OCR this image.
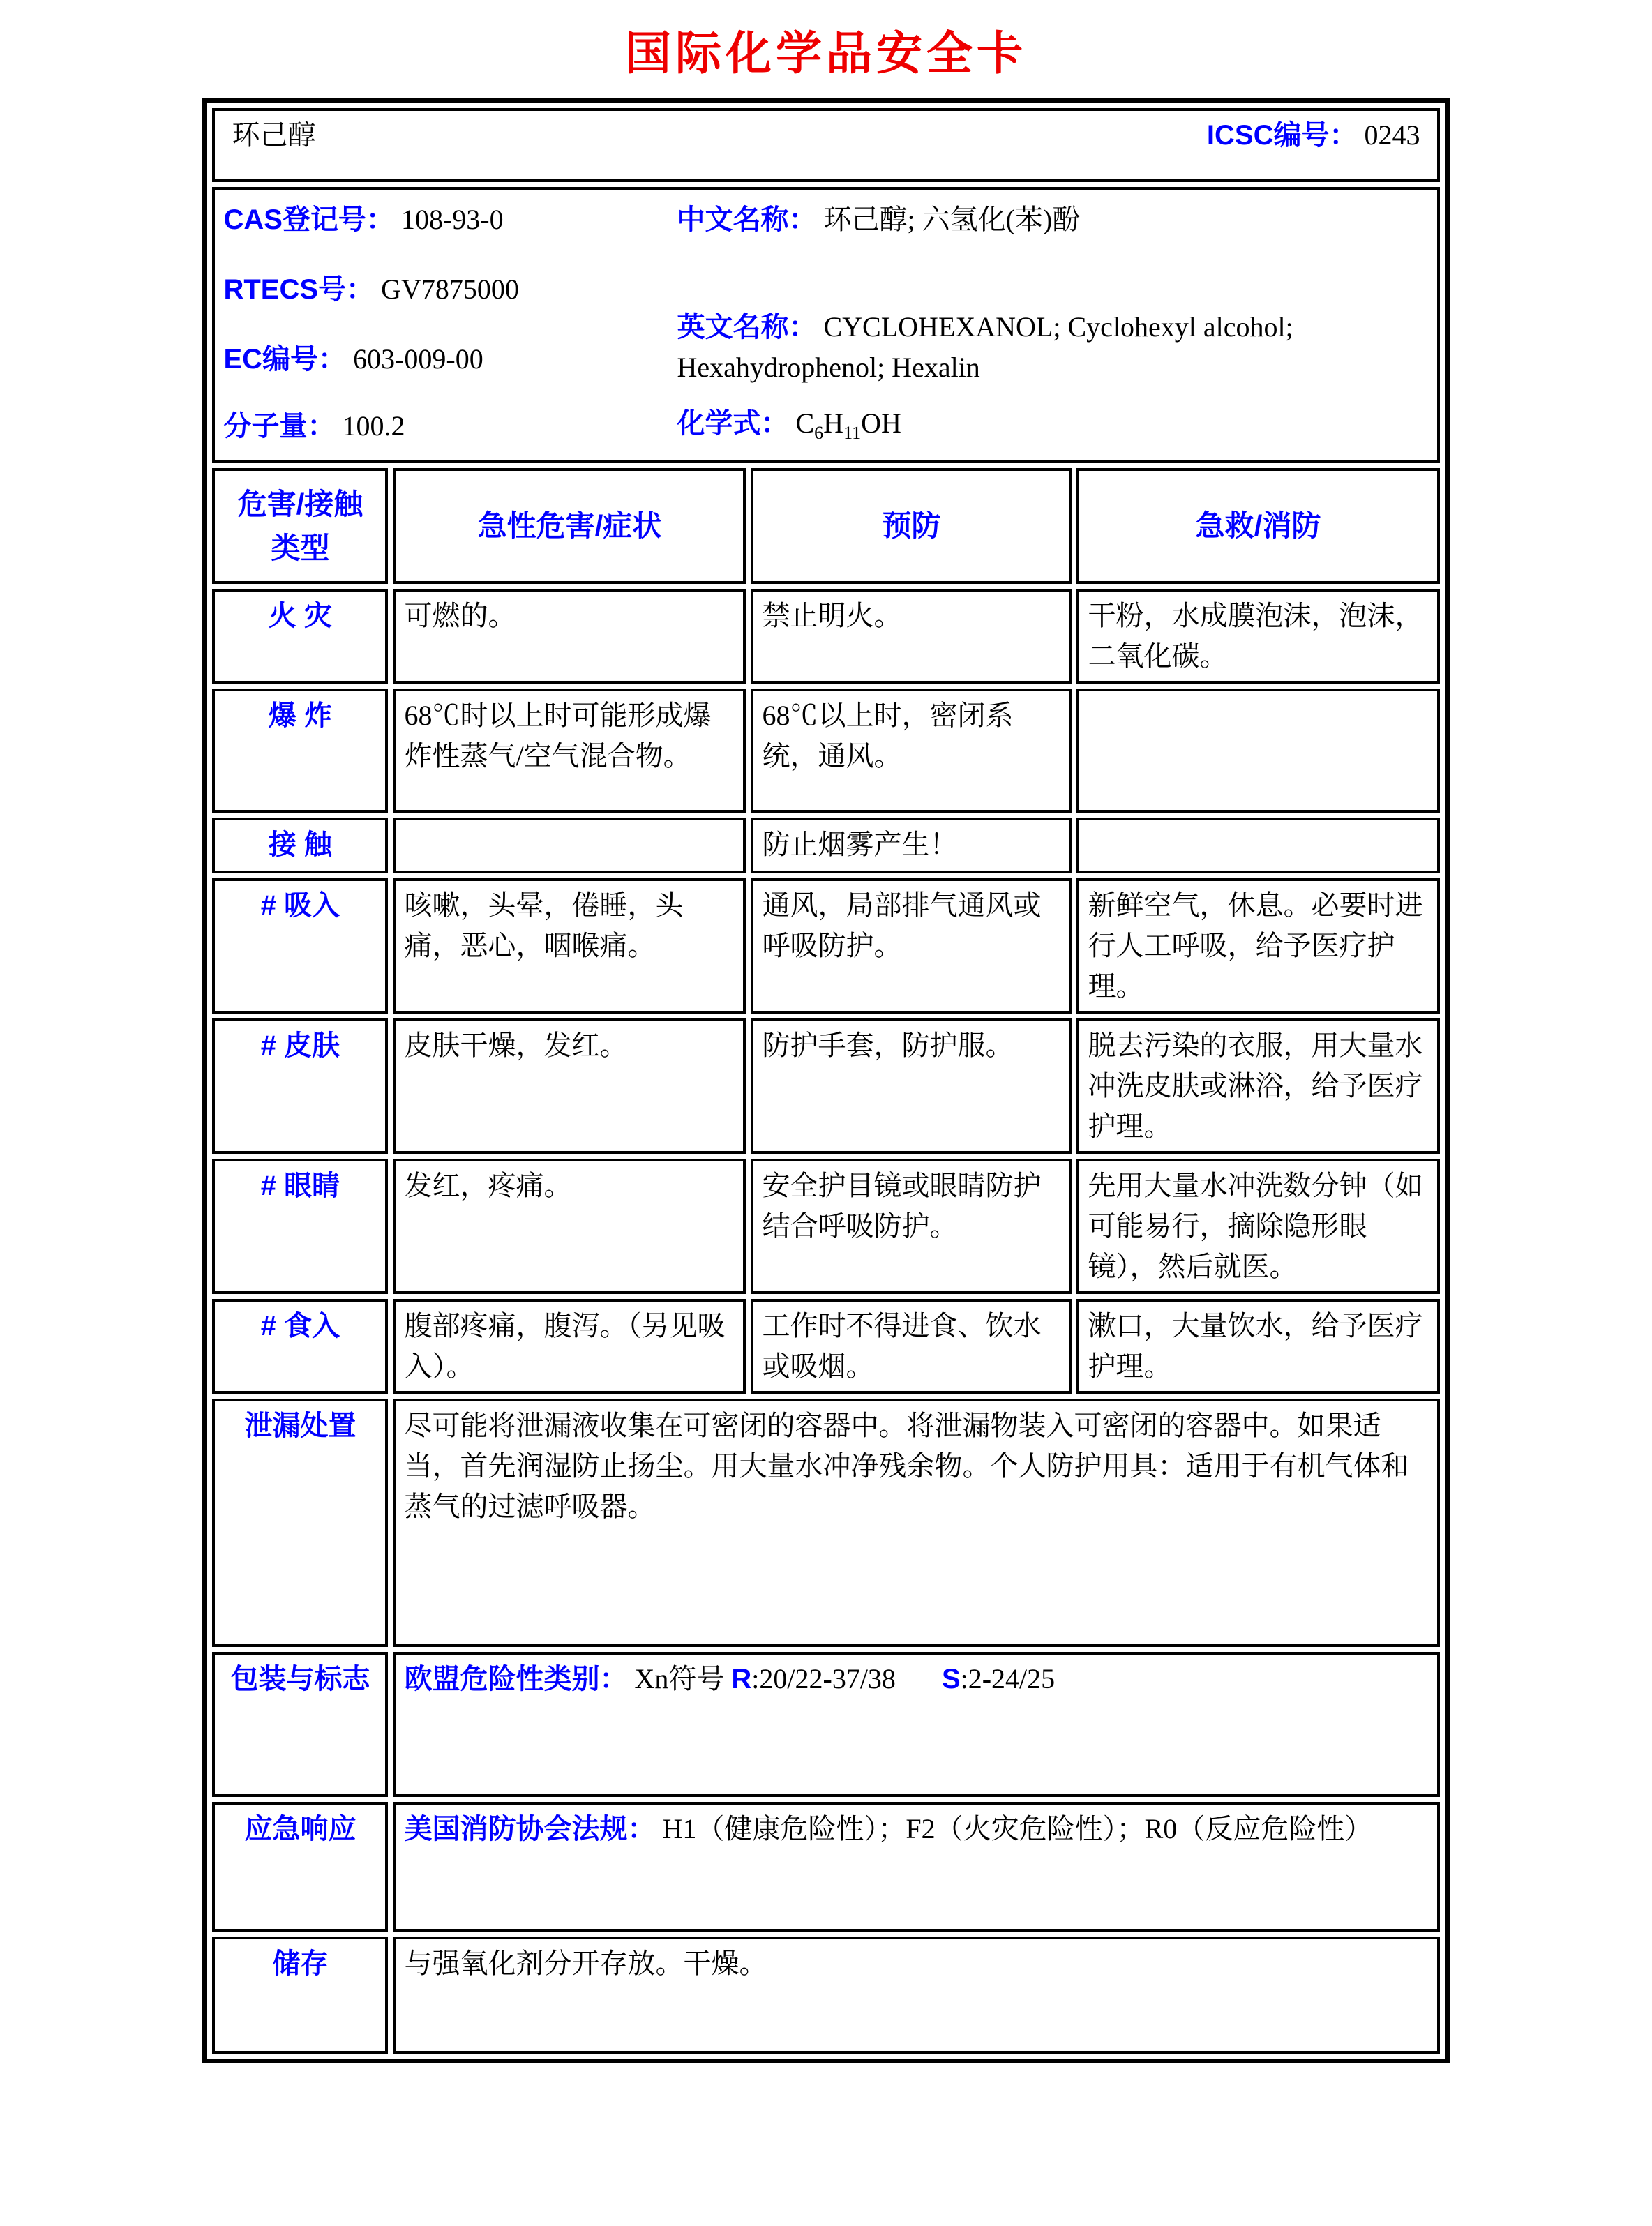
国际化学品安全卡
环己醇 ICSC编号： 0243			

CAS登记号： 108-93-0
RTECS号： GV7875000
EC编号： 603-009-00
分子量： 100.2
中文名称： 环己醇; 六氢化(苯)酚
英文名称： CYCLOHEXANOL; Cyclohexyl alcohol; Hexahydrophenol; Hexalin
化学式： $C_6H_{11}OH$

危害/接触类型	急性危害/症状	预防	急救/消防
火 灾	可燃的。	禁止明火。	干粉，水成膜泡沫，泡沫，二氧化碳。
爆 炸	68℃时以上时可能形成爆炸性蒸气/空气混合物。	68℃以上时，密闭系统，通风。	
接 触		防止烟雾产生！	
# 吸入	咳嗽，头晕，倦睡，头痛，恶心，咽喉痛。	通风，局部排气通风或呼吸防护。	新鲜空气，休息。必要时进行人工呼吸，给予医疗护理。
# 皮肤	皮肤干燥，发红。	防护手套，防护服。	脱去污染的衣服，用大量水冲洗皮肤或淋浴，给予医疗护理。
# 眼睛	发红，疼痛。	安全护目镜或眼睛防护结合呼吸防护。	先用大量水冲洗数分钟（如可能易行，摘除隐形眼镜），然后就医。
# 食入	腹部疼痛，腹泻。（另见吸入）。	工作时不得进食、饮水或吸烟。	漱口，大量饮水，给予医疗护理。
泄漏处置	尽可能将泄漏液收集在可密闭的容器中。将泄漏物装入可密闭的容器中。如果适当，首先润湿防止扬尘。用大量水冲净残余物。个人防护用具：适用于有机气体和蒸气的过滤呼吸器。		
包装与标志	欧盟危险性类别： Xn符号 R:20/22-37/38 S:2-24/25		
应急响应	美国消防协会法规： H1（健康危险性）；F2（火灾危险性）；R0（反应危险性）		
储存	与强氧化剂分开存放。干燥。		
